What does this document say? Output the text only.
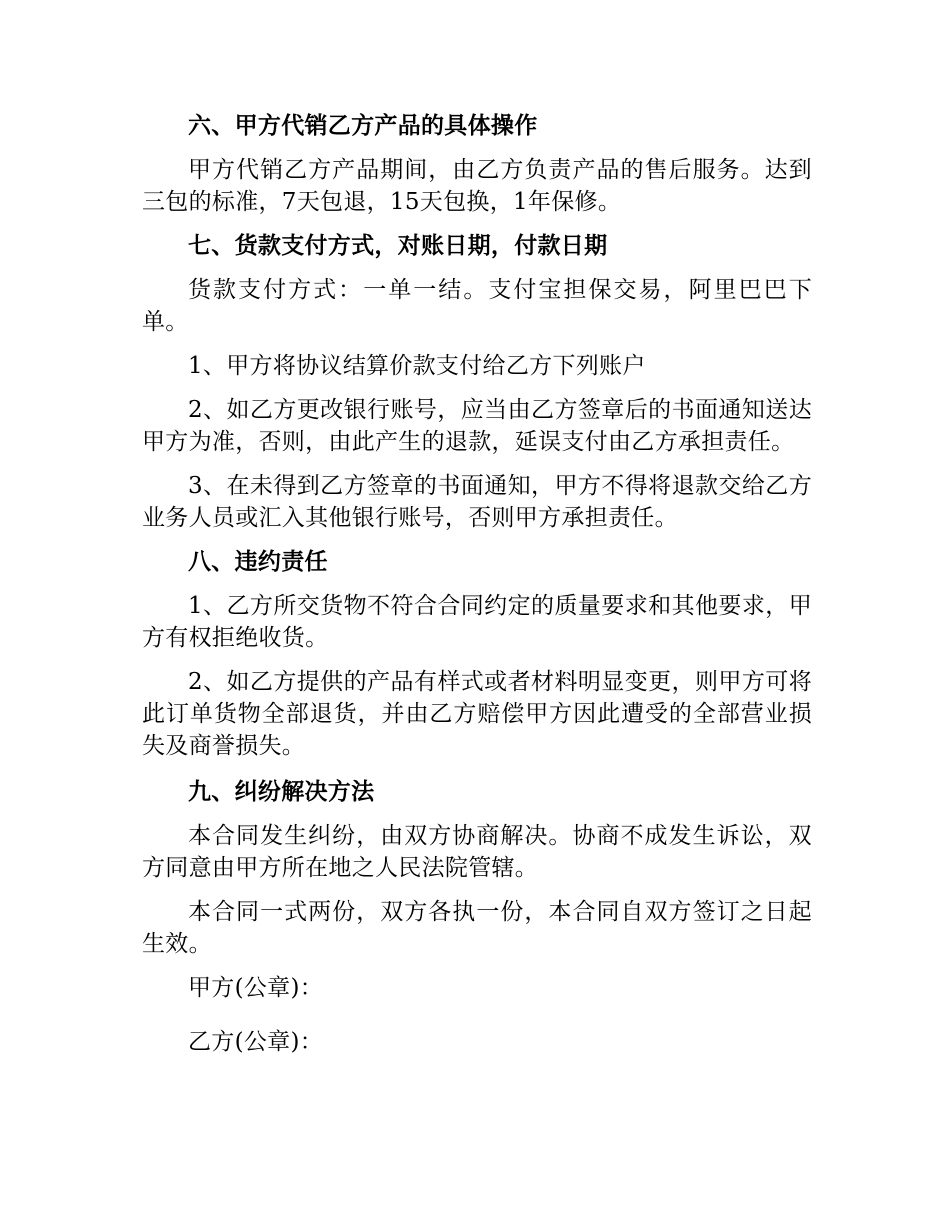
六、甲方代销乙方产品的具体操作

甲方代销乙方产品期间，由乙方负责产品的售后服务。达到三包的标准，7天包退，15天包换，1年保修。

七、货款支付方式，对账日期，付款日期

货款支付方式：一单一结。支付宝担保交易，阿里巴巴下单。

1、甲方将协议结算价款支付给乙方下列账户

2、如乙方更改银行账号，应当由乙方签章后的书面通知送达甲方为准，否则，由此产生的退款，延误支付由乙方承担责任。

3、在未得到乙方签章的书面通知，甲方不得将退款交给乙方业务人员或汇入其他银行账号，否则甲方承担责任。

八、违约责任

1、乙方所交货物不符合合同约定的质量要求和其他要求，甲方有权拒绝收货。

2、如乙方提供的产品有样式或者材料明显变更，则甲方可将此订单货物全部退货，并由乙方赔偿甲方因此遭受的全部营业损失及商誉损失。

九、纠纷解决方法

本合同发生纠纷，由双方协商解决。协商不成发生诉讼，双方同意由甲方所在地之人民法院管辖。

本合同一式两份，双方各执一份，本合同自双方签订之日起生效。

甲方(公章)：

乙方(公章)：
